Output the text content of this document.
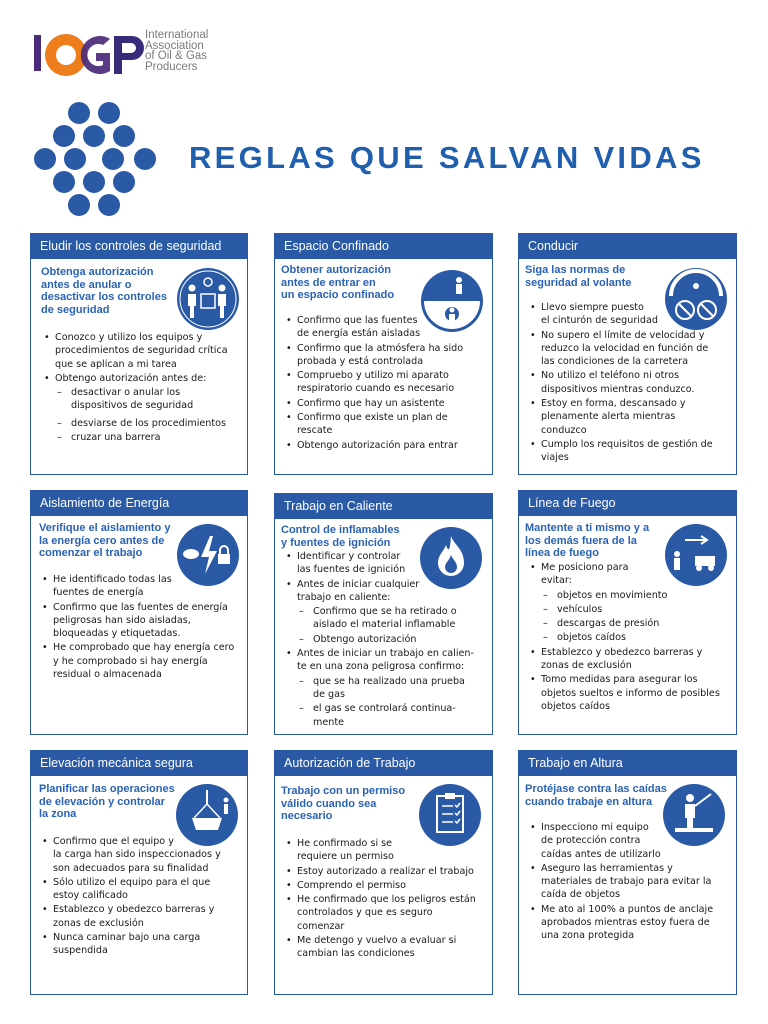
International
Association
of Oil & Gas
Producers
REGLAS QUE SALVAN VIDAS
Eludir los controles de seguridad
Obtenga autorización
antes de anular o
desactivar los controles
de seguridad
• Conozco y utilizo los equipos y
procedimientos de seguridad crítica
que se aplican a mi tarea
• Obtengo autorización antes de:
– desactivar o anular los
dispositivos de seguridad
– desviarse de los procedimientos
– cruzar una barrera
Espacio Confinado
Obtener autorización
antes de entrar en
un espacio confinado
• Confirmo que las fuentes
de energía están aisladas
• Confirmo que la atmósfera ha sido
probada y está controlada
• Compruebo y utilizo mi aparato
respiratorio cuando es necesario
• Confirmo que hay un asistente
• Confirmo que existe un plan de
rescate
• Obtengo autorización para entrar
Conducir
Siga las normas de
seguridad al volante
• Llevo siempre puesto
el cinturón de seguridad
• No supero el límite de velocidad y
reduzco la velocidad en función de
las condiciones de la carretera
• No utilizo el teléfono ni otros
dispositivos mientras conduzco.
• Estoy en forma, descansado y
plenamente alerta mientras
conduzco
• Cumplo los requisitos de gestión de
viajes
Aislamiento de Energía
Verifique el aislamiento y
la energía cero antes de
comenzar el trabajo
• He identificado todas las
fuentes de energía
• Confirmo que las fuentes de energía
peligrosas han sido aisladas,
bloqueadas y etiquetadas.
• He comprobado que hay energía cero
y he comprobado si hay energía
residual o almacenada
Trabajo en Caliente
Control de inflamables
y fuentes de ignición
• Identificar y controlar
las fuentes de ignición
• Antes de iniciar cualquier
trabajo en caliente:
– Confirmo que se ha retirado o
aislado el material inflamable
– Obtengo autorización
• Antes de iniciar un trabajo en calien-
te en una zona peligrosa confirmo:
– que se ha realizado una prueba
de gas
– el gas se controlará continua-
mente
Línea de Fuego
Mantente a ti mismo y a
los demás fuera de la
línea de fuego
• Me posiciono para
evitar:
– objetos en movimiento
– vehículos
– descargas de presión
– objetos caídos
• Establezco y obedezco barreras y
zonas de exclusión
• Tomo medidas para asegurar los
objetos sueltos e informo de posibles
objetos caídos
Elevación mecánica segura
Planificar las operaciones
de elevación y controlar
la zona
• Confirmo que el equipo y
la carga han sido inspeccionados y
son adecuados para su finalidad
• Sólo utilizo el equipo para el que
estoy calificado
• Establezco y obedezco barreras y
zonas de exclusión
• Nunca caminar bajo una carga
suspendida
Autorización de Trabajo
Trabajo con un permiso
válido cuando sea
necesario
• He confirmado si se
requiere un permiso
• Estoy autorizado a realizar el trabajo
• Comprendo el permiso
• He confirmado que los peligros están
controlados y que es seguro
comenzar
• Me detengo y vuelvo a evaluar si
cambian las condiciones
Trabajo en Altura
Protéjase contra las caídas
cuando trabaje en altura
• Inspecciono mi equipo
de protección contra
caídas antes de utilizarlo
• Aseguro las herramientas y
materiales de trabajo para evitar la
caída de objetos
• Me ato al 100% a puntos de anclaje
aprobados mientras estoy fuera de
una zona protegida
